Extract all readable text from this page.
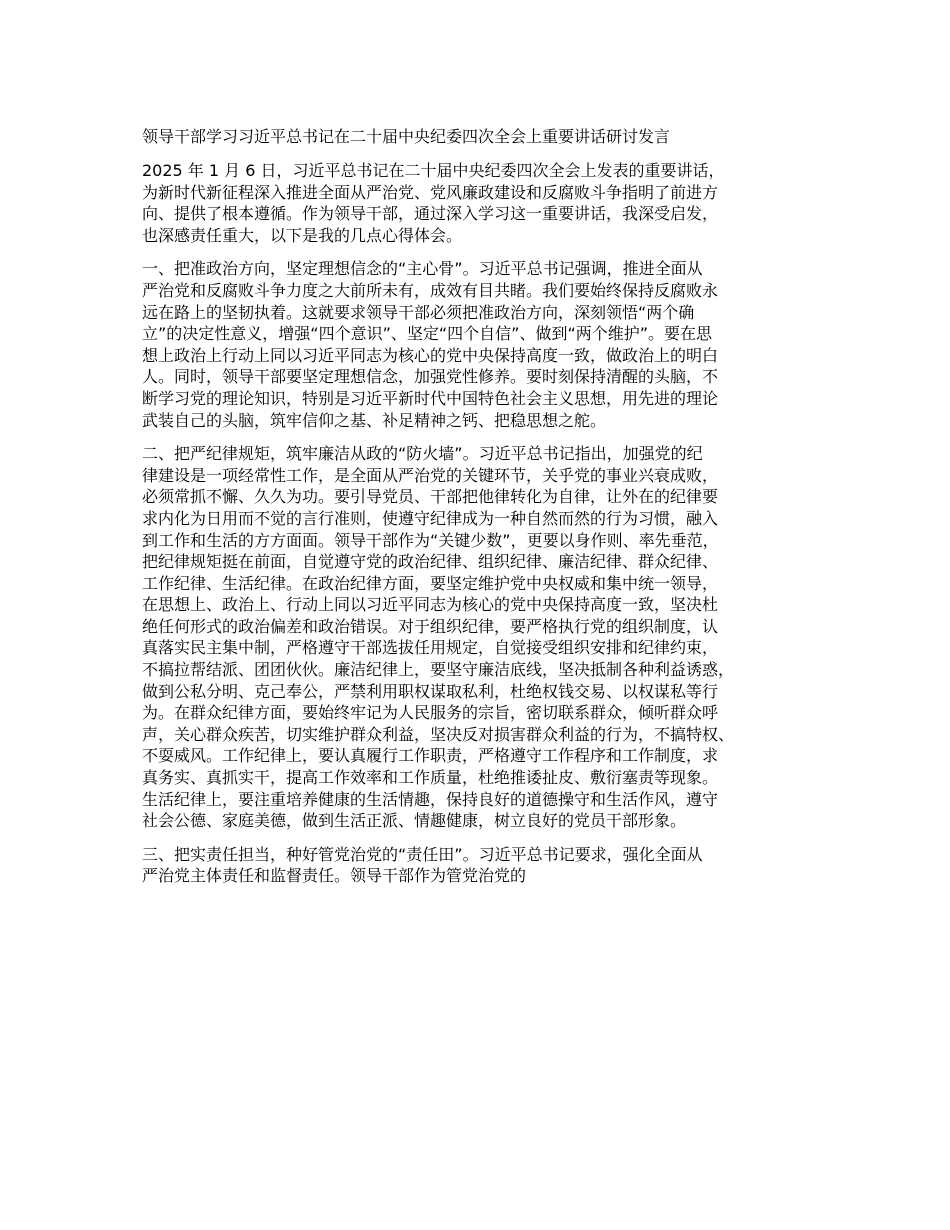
领导干部学习习近平总书记在二十届中央纪委四次全会上重要讲话研讨发言
2025 年 1 月 6 日，习近平总书记在二十届中央纪委四次全会上发表的重要讲话，
为新时代新征程深入推进全面从严治党、党风廉政建设和反腐败斗争指明了前进方
向、提供了根本遵循。作为领导干部，通过深入学习这一重要讲话，我深受启发，
也深感责任重大，以下是我的几点心得体会。
一、把准政治方向，坚定理想信念的“主心骨”。习近平总书记强调，推进全面从
严治党和反腐败斗争力度之大前所未有，成效有目共睹。我们要始终保持反腐败永
远在路上的坚韧执着。这就要求领导干部必须把准政治方向，深刻领悟“两个确
立”的决定性意义，增强“四个意识”、坚定“四个自信”、做到“两个维护”。要在思
想上政治上行动上同以习近平同志为核心的党中央保持高度一致，做政治上的明白
人。同时，领导干部要坚定理想信念，加强党性修养。要时刻保持清醒的头脑，不
断学习党的理论知识，特别是习近平新时代中国特色社会主义思想，用先进的理论
武装自己的头脑，筑牢信仰之基、补足精神之钙、把稳思想之舵。
二、把严纪律规矩，筑牢廉洁从政的“防火墙”。习近平总书记指出，加强党的纪
律建设是一项经常性工作，是全面从严治党的关键环节，关乎党的事业兴衰成败，
必须常抓不懈、久久为功。要引导党员、干部把他律转化为自律，让外在的纪律要
求内化为日用而不觉的言行准则，使遵守纪律成为一种自然而然的行为习惯，融入
到工作和生活的方方面面。领导干部作为“关键少数”，更要以身作则、率先垂范，
把纪律规矩挺在前面，自觉遵守党的政治纪律、组织纪律、廉洁纪律、群众纪律、
工作纪律、生活纪律。在政治纪律方面，要坚定维护党中央权威和集中统一领导，
在思想上、政治上、行动上同以习近平同志为核心的党中央保持高度一致，坚决杜
绝任何形式的政治偏差和政治错误。对于组织纪律，要严格执行党的组织制度，认
真落实民主集中制，严格遵守干部选拔任用规定，自觉接受组织安排和纪律约束，
不搞拉帮结派、团团伙伙。廉洁纪律上，要坚守廉洁底线，坚决抵制各种利益诱惑，
做到公私分明、克己奉公，严禁利用职权谋取私利，杜绝权钱交易、以权谋私等行
为。在群众纪律方面，要始终牢记为人民服务的宗旨，密切联系群众，倾听群众呼
声，关心群众疾苦，切实维护群众利益，坚决反对损害群众利益的行为，不搞特权、
不耍威风。工作纪律上，要认真履行工作职责，严格遵守工作程序和工作制度，求
真务实、真抓实干，提高工作效率和工作质量，杜绝推诿扯皮、敷衍塞责等现象。
生活纪律上，要注重培养健康的生活情趣，保持良好的道德操守和生活作风，遵守
社会公德、家庭美德，做到生活正派、情趣健康，树立良好的党员干部形象。
三、把实责任担当，种好管党治党的“责任田”。习近平总书记要求，强化全面从
严治党主体责任和监督责任。领导干部作为管党治党的
